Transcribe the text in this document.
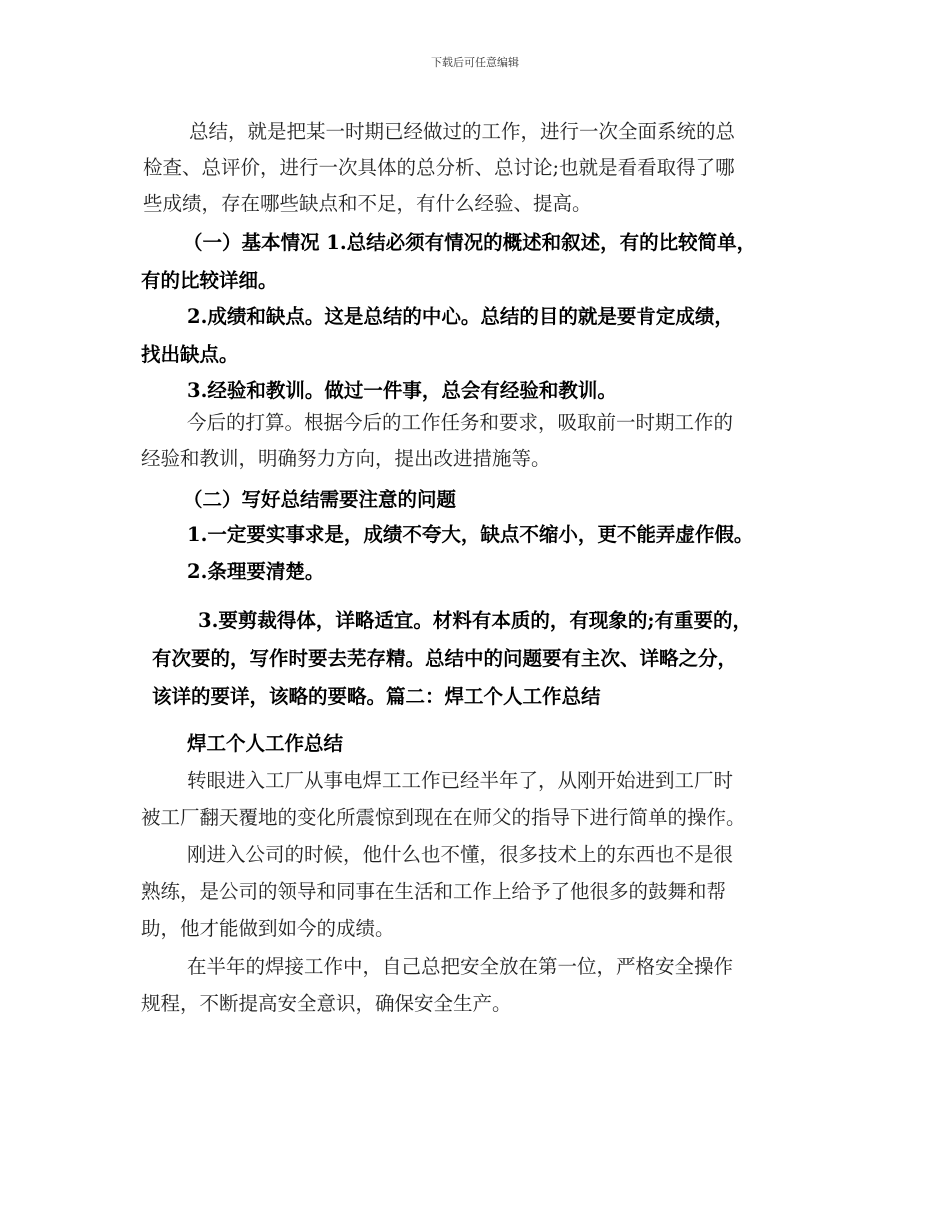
下载后可任意编辑
总结，就是把某一时期已经做过的工作，进行一次全面系统的总
检查、总评价，进行一次具体的总分析、总讨论;也就是看看取得了哪
些成绩，存在哪些缺点和不足，有什么经验、提高。
（一）基本情况 1.总结必须有情况的概述和叙述，有的比较简单，
有的比较详细。
2.成绩和缺点。这是总结的中心。总结的目的就是要肯定成绩，
找出缺点。
3.经验和教训。做过一件事，总会有经验和教训。
今后的打算。根据今后的工作任务和要求，吸取前一时期工作的
经验和教训，明确努力方向，提出改进措施等。
（二）写好总结需要注意的问题
1.一定要实事求是，成绩不夸大，缺点不缩小，更不能弄虚作假。
2.条理要清楚。
3.要剪裁得体，详略适宜。材料有本质的，有现象的;有重要的，
有次要的，写作时要去芜存精。总结中的问题要有主次、详略之分，
该详的要详，该略的要略。篇二：焊工个人工作总结
焊工个人工作总结
转眼进入工厂从事电焊工工作已经半年了，从刚开始进到工厂时
被工厂翻天覆地的变化所震惊到现在在师父的指导下进行简单的操作。
刚进入公司的时候，他什么也不懂，很多技术上的东西也不是很
熟练，是公司的领导和同事在生活和工作上给予了他很多的鼓舞和帮
助，他才能做到如今的成绩。
在半年的焊接工作中，自己总把安全放在第一位，严格安全操作
规程，不断提高安全意识，确保安全生产。
